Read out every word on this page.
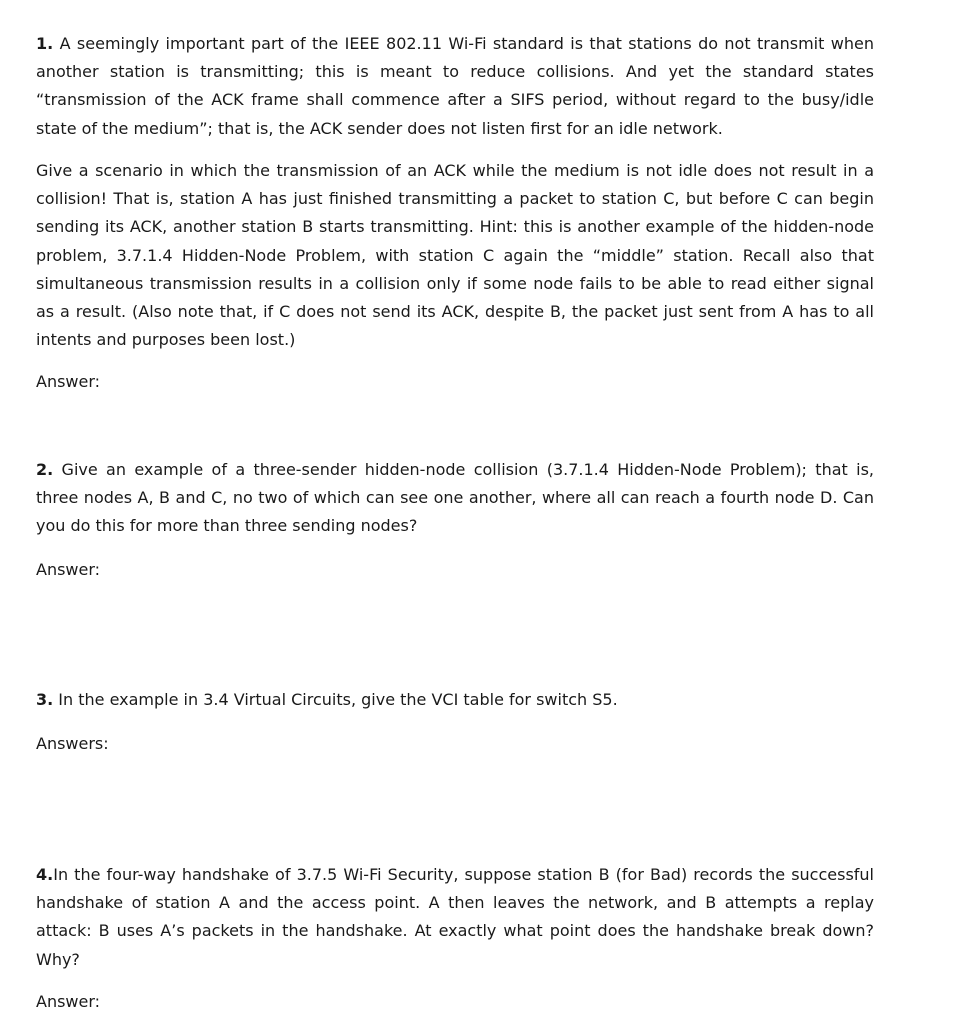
1. A seemingly important part of the IEEE 802.11 Wi-Fi standard is that stations do not transmit when another station is transmitting; this is meant to reduce collisions. And yet the standard states “transmission of the ACK frame shall commence after a SIFS period, without regard to the busy/idle state of the medium”; that is, the ACK sender does not listen first for an idle network.

Give a scenario in which the transmission of an ACK while the medium is not idle does not result in a collision! That is, station A has just finished transmitting a packet to station C, but before C can begin sending its ACK, another station B starts transmitting. Hint: this is another example of the hidden-node problem, 3.7.1.4 Hidden-Node Problem, with station C again the “middle” station. Recall also that simultaneous transmission results in a collision only if some node fails to be able to read either signal as a result. (Also note that, if C does not send its ACK, despite B, the packet just sent from A has to all intents and purposes been lost.)

Answer:

2. Give an example of a three-sender hidden-node collision (3.7.1.4 Hidden-Node Problem); that is, three nodes A, B and C, no two of which can see one another, where all can reach a fourth node D. Can you do this for more than three sending nodes?

Answer:

3. In the example in 3.4 Virtual Circuits, give the VCI table for switch S5.

Answers:

4.In the four-way handshake of 3.7.5 Wi-Fi Security, suppose station B (for Bad) records the successful handshake of station A and the access point. A then leaves the network, and B attempts a replay attack: B uses A’s packets in the handshake. At exactly what point does the handshake break down? Why?

Answer:
